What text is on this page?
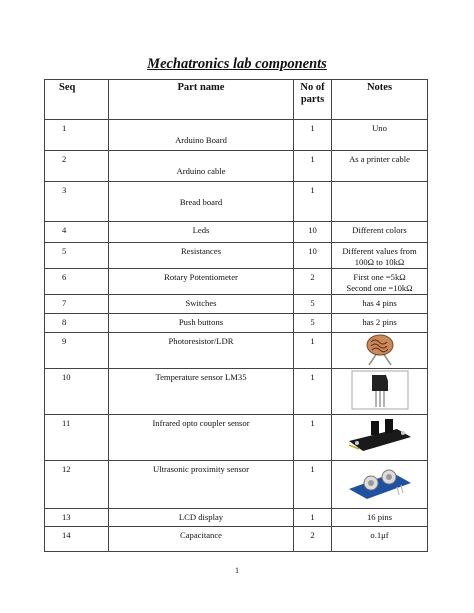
Mechatronics lab components
Seq	Part name	No of parts	Notes
1	Arduino Board	1	Uno
2	Arduino cable	1	As a printer cable
3	Bread board	1	
4	Leds	10	Different colors
5	Resistances	10	Different values from 100Ω to 10kΩ
6	Rotary Potentiometer	2	First one =5kΩ
Second one =10kΩ
7	Switches	5	has 4 pins
8	Push buttons	5	has 2 pins
9	Photoresistor/LDR	1	

10	Temperature sensor LM35	1	

11	Infrared opto coupler sensor	1	

12	Ultrasonic proximity sensor	1	

13	LCD display	1	16 pins
14	Capacitance	2	o.1μf
1
